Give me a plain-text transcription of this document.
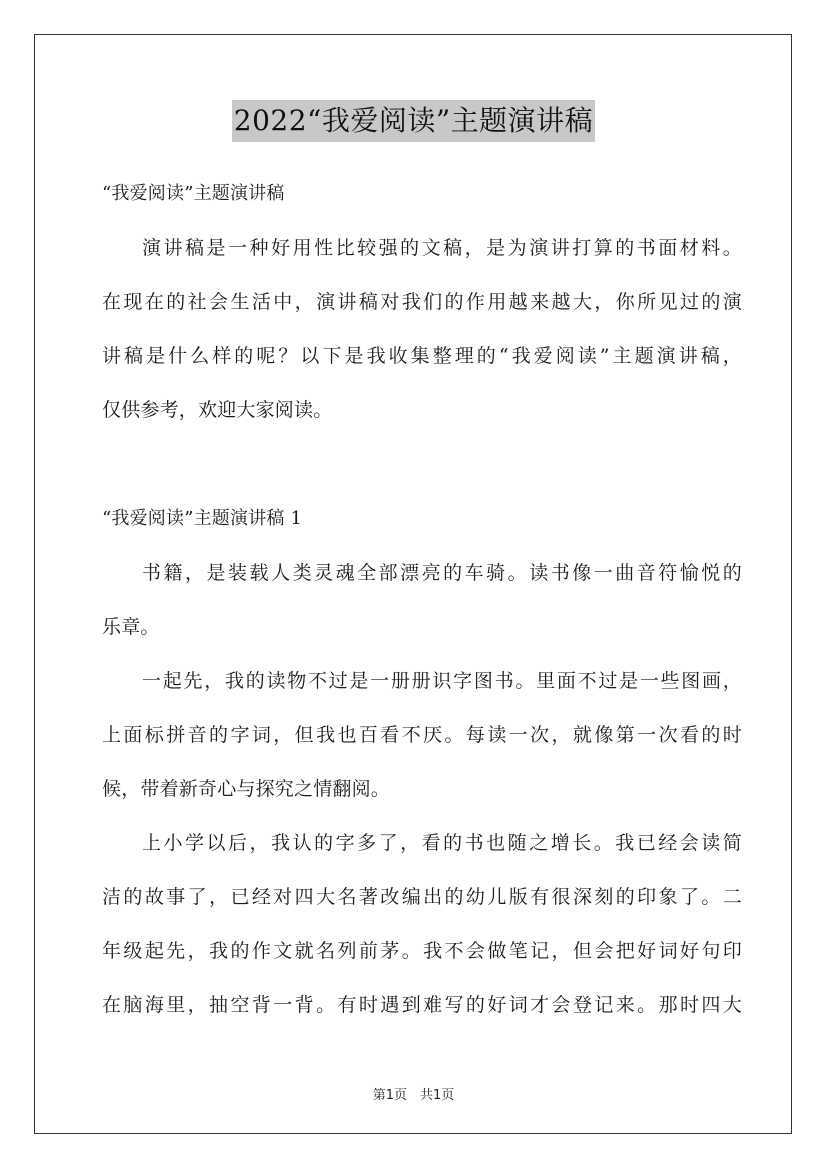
2022“我爱阅读”主题演讲稿
“我爱阅读”主题演讲稿
演讲稿是一种好用性比较强的文稿，是为演讲打算的书面材料。
在现在的社会生活中，演讲稿对我们的作用越来越大，你所见过的演
讲稿是什么样的呢？以下是我收集整理的“我爱阅读”主题演讲稿，
仅供参考，欢迎大家阅读。
“我爱阅读”主题演讲稿 1
书籍，是装载人类灵魂全部漂亮的车骑。读书像一曲音符愉悦的
乐章。
一起先，我的读物不过是一册册识字图书。里面不过是一些图画，
上面标拼音的字词，但我也百看不厌。每读一次，就像第一次看的时
候，带着新奇心与探究之情翻阅。
上小学以后，我认的字多了，看的书也随之增长。我已经会读简
洁的故事了，已经对四大名著改编出的幼儿版有很深刻的印象了。二
年级起先，我的作文就名列前茅。我不会做笔记，但会把好词好句印
在脑海里，抽空背一背。有时遇到难写的好词才会登记来。那时四大
第1页　共1页
